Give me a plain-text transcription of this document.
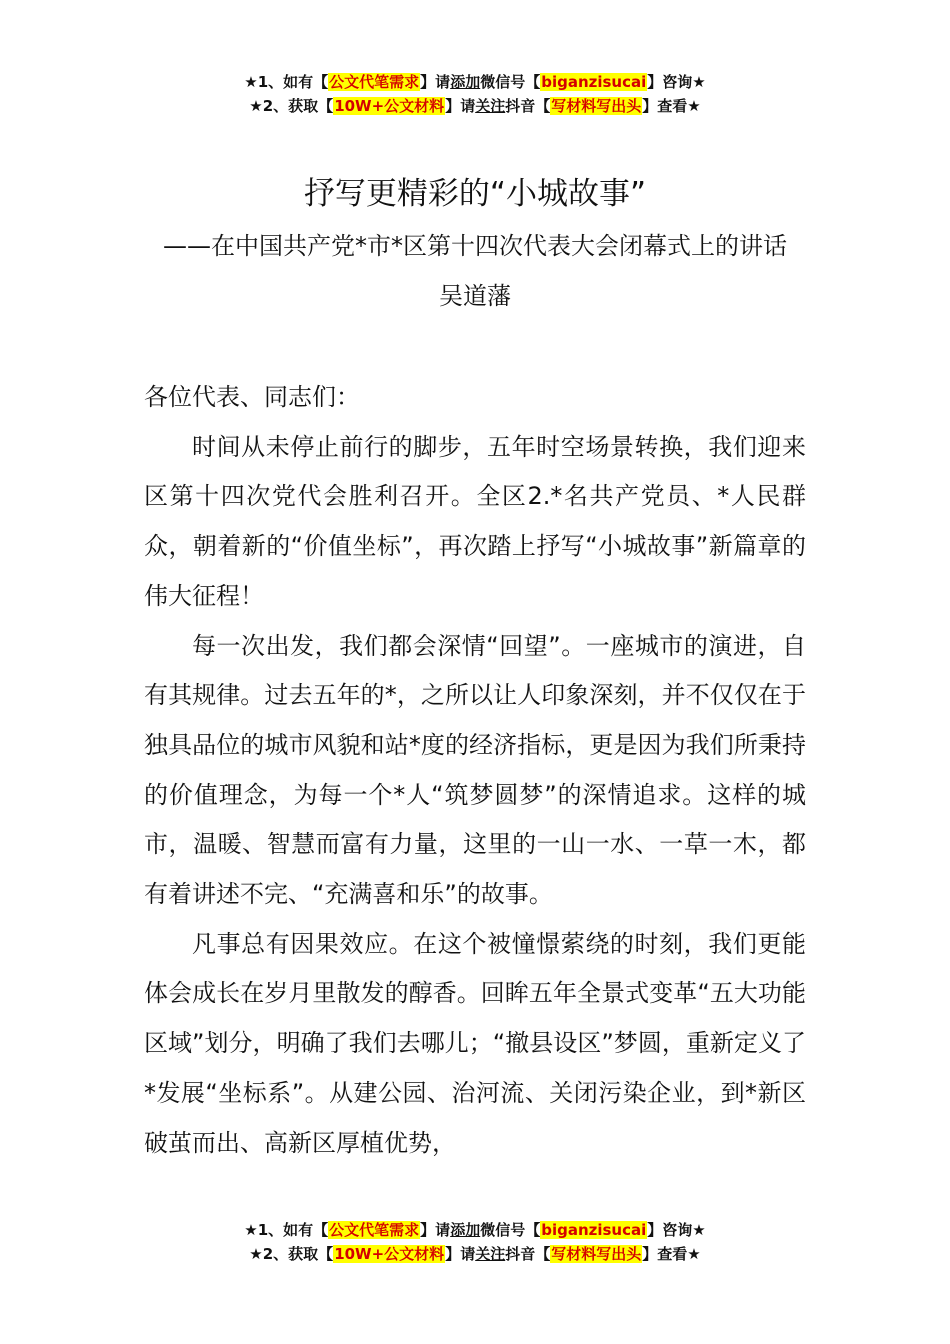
★1、如有【公文代笔需求】请添加微信号【biganzisucai】咨询★
★2、获取【10W+公文材料】请关注抖音【写材料写出头】查看★
抒写更精彩的“小城故事”
——在中国共产党*市*区第十四次代表大会闭幕式上的讲话
吴道藩

各位代表、同志们：

时间从未停止前行的脚步，五年时空场景转换，我们迎来区第十四次党代会胜利召开。全区2.*名共产党员、*人民群众，朝着新的“价值坐标”，再次踏上抒写“小城故事”新篇章的伟大征程！

每一次出发，我们都会深情“回望”。一座城市的演进，自有其规律。过去五年的*，之所以让人印象深刻，并不仅仅在于独具品位的城市风貌和站*度的经济指标，更是因为我们所秉持的价值理念，为每一个*人“筑梦圆梦”的深情追求。这样的城市，温暖、智慧而富有力量，这里的一山一水、一草一木，都有着讲述不完、“充满喜和乐”的故事。

凡事总有因果效应。在这个被憧憬萦绕的时刻，我们更能体会成长在岁月里散发的醇香。回眸五年全景式变革“五大功能区域”划分，明确了我们去哪儿；“撤县设区”梦圆，重新定义了*发展“坐标系”。从建公园、治河流、关闭污染企业，到*新区破茧而出、高新区厚植优势，

★1、如有【公文代笔需求】请添加微信号【biganzisucai】咨询★
★2、获取【10W+公文材料】请关注抖音【写材料写出头】查看★
